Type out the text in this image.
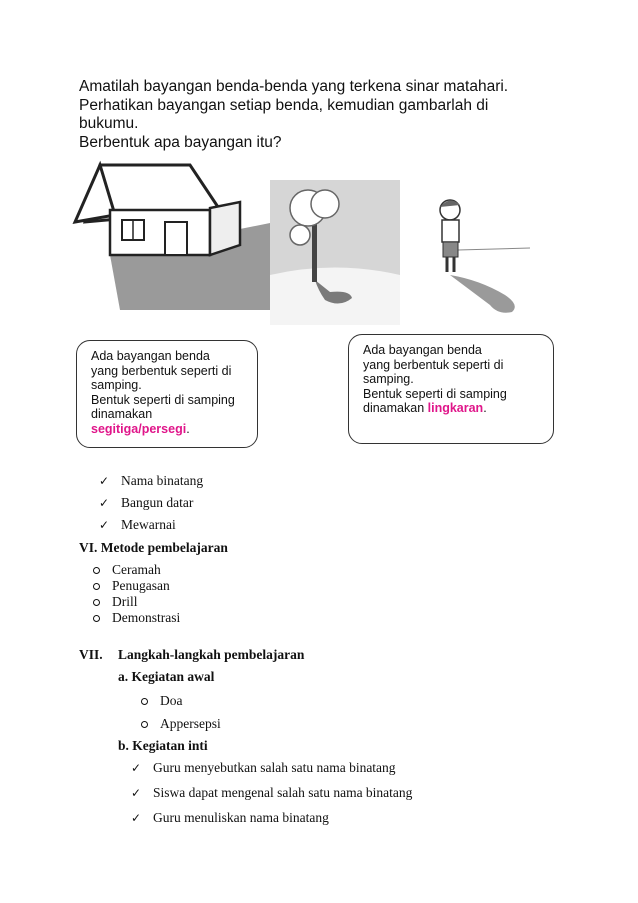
Amatilah bayangan benda-benda yang terkena sinar matahari.
Perhatikan bayangan setiap benda, kemudian gambarlah di
bukumu.
Berbentuk apa bayangan itu?
Ada bayangan benda
yang berbentuk seperti di
samping.
Bentuk seperti di samping
dinamakan
segitiga/persegi.
Ada bayangan benda
yang berbentuk seperti di
samping.
Bentuk seperti di samping
dinamakan lingkaran.
✓ Nama binatang
✓ Bangun datar
✓ Mewarnai
VI. Metode pembelajaran
Ceramah
Penugasan
Drill
Demonstrasi
VII. Langkah-langkah pembelajaran
a. Kegiatan awal
Doa
Appersepsi
b. Kegiatan inti
✓ Guru menyebutkan salah satu nama binatang
✓ Siswa dapat mengenal salah satu nama binatang
✓ Guru menuliskan nama binatang
